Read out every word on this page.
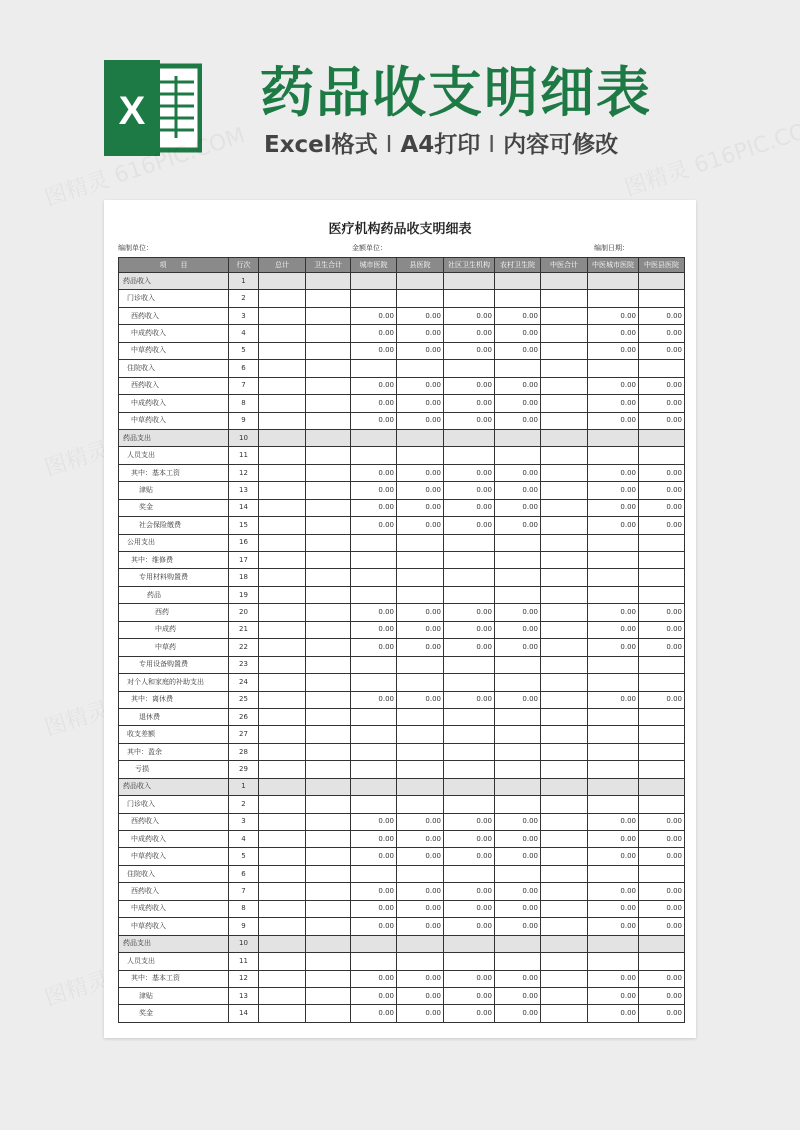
X 药品收支明细表
Excel格式 I A4打印 I 内容可修改
医疗机构药品收支明细表
编制单位：	金额单位：	编制日期：
项　　目	行次	总计	卫生合计	城市医院	县医院	社区卫生机构	农村卫生院	中医合计	中医城市医院	中医县医院
药品收入	1									
门诊收入	2									
西药收入	3			0.00	0.00	0.00	0.00		0.00	0.00
中成药收入	4			0.00	0.00	0.00	0.00		0.00	0.00
中草药收入	5			0.00	0.00	0.00	0.00		0.00	0.00
住院收入	6									
西药收入	7			0.00	0.00	0.00	0.00		0.00	0.00
中成药收入	8			0.00	0.00	0.00	0.00		0.00	0.00
中草药收入	9			0.00	0.00	0.00	0.00		0.00	0.00
药品支出	10									
人员支出	11									
其中：基本工资	12			0.00	0.00	0.00	0.00		0.00	0.00
津贴	13			0.00	0.00	0.00	0.00		0.00	0.00
奖金	14			0.00	0.00	0.00	0.00		0.00	0.00
社会保险缴费	15			0.00	0.00	0.00	0.00		0.00	0.00
公用支出	16									
其中：维修费	17									
专用材料购置费	18									
药品	19									
西药	20			0.00	0.00	0.00	0.00		0.00	0.00
中成药	21			0.00	0.00	0.00	0.00		0.00	0.00
中草药	22			0.00	0.00	0.00	0.00		0.00	0.00
专用设备购置费	23									
对个人和家庭的补助支出	24									
其中：离休费	25			0.00	0.00	0.00	0.00		0.00	0.00
退休费	26									
收支差额	27									
其中：盈余	28									
亏损	29									
药品收入	1									
门诊收入	2									
西药收入	3			0.00	0.00	0.00	0.00		0.00	0.00
中成药收入	4			0.00	0.00	0.00	0.00		0.00	0.00
中草药收入	5			0.00	0.00	0.00	0.00		0.00	0.00
住院收入	6									
西药收入	7			0.00	0.00	0.00	0.00		0.00	0.00
中成药收入	8			0.00	0.00	0.00	0.00		0.00	0.00
中草药收入	9			0.00	0.00	0.00	0.00		0.00	0.00
药品支出	10									
人员支出	11									
其中：基本工资	12			0.00	0.00	0.00	0.00		0.00	0.00
津贴	13			0.00	0.00	0.00	0.00		0.00	0.00
奖金	14			0.00	0.00	0.00	0.00		0.00	0.00
